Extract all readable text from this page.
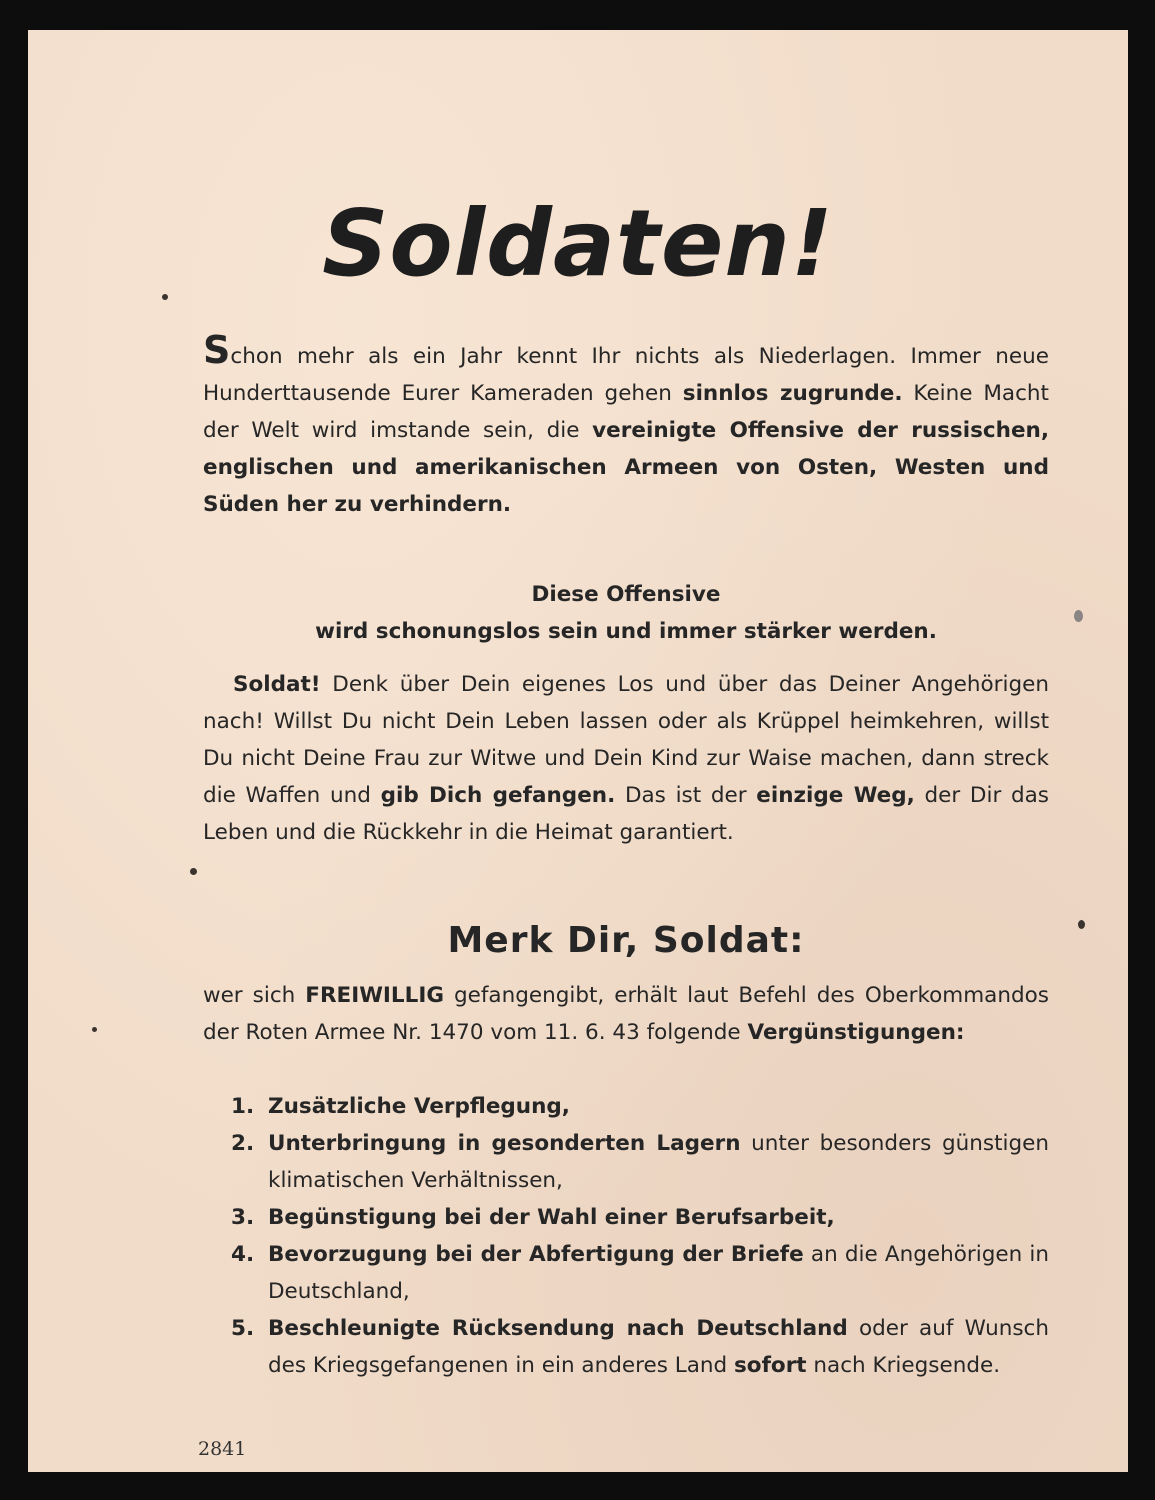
Soldaten!
Schon mehr als ein Jahr kennt Ihr nichts als Niederlagen. Immer neue Hunderttausende Eurer Kameraden gehen sinnlos zugrunde. Keine Macht der Welt wird imstande sein, die vereinigte Offensive der russischen, englischen und amerikanischen Armeen von Osten, Westen und Süden her zu verhindern.
Diese Offensive
wird schonungslos sein und immer stärker werden.
Soldat! Denk über Dein eigenes Los und über das Deiner Angehörigen nach! Willst Du nicht Dein Leben lassen oder als Krüppel heimkehren, willst Du nicht Deine Frau zur Witwe und Dein Kind zur Waise machen, dann streck die Waffen und gib Dich gefangen. Das ist der einzige Weg, der Dir das Leben und die Rückkehr in die Heimat garantiert.
Merk Dir, Soldat:
wer sich FREIWILLIG gefangengibt, erhält laut Befehl des Oberkommandos der Roten Armee Nr. 1470 vom 11. 6. 43 folgende Vergünstigungen:
1. Zusätzliche Verpflegung,
2. Unterbringung in gesonderten Lagern unter besonders günstigen klimatischen Verhältnissen,
3. Begünstigung bei der Wahl einer Berufsarbeit,
4. Bevorzugung bei der Abfertigung der Briefe an die Angehörigen in Deutschland,
5. Beschleunigte Rücksendung nach Deutschland oder auf Wunsch des Kriegsgefangenen in ein anderes Land sofort nach Kriegsende.
2841
